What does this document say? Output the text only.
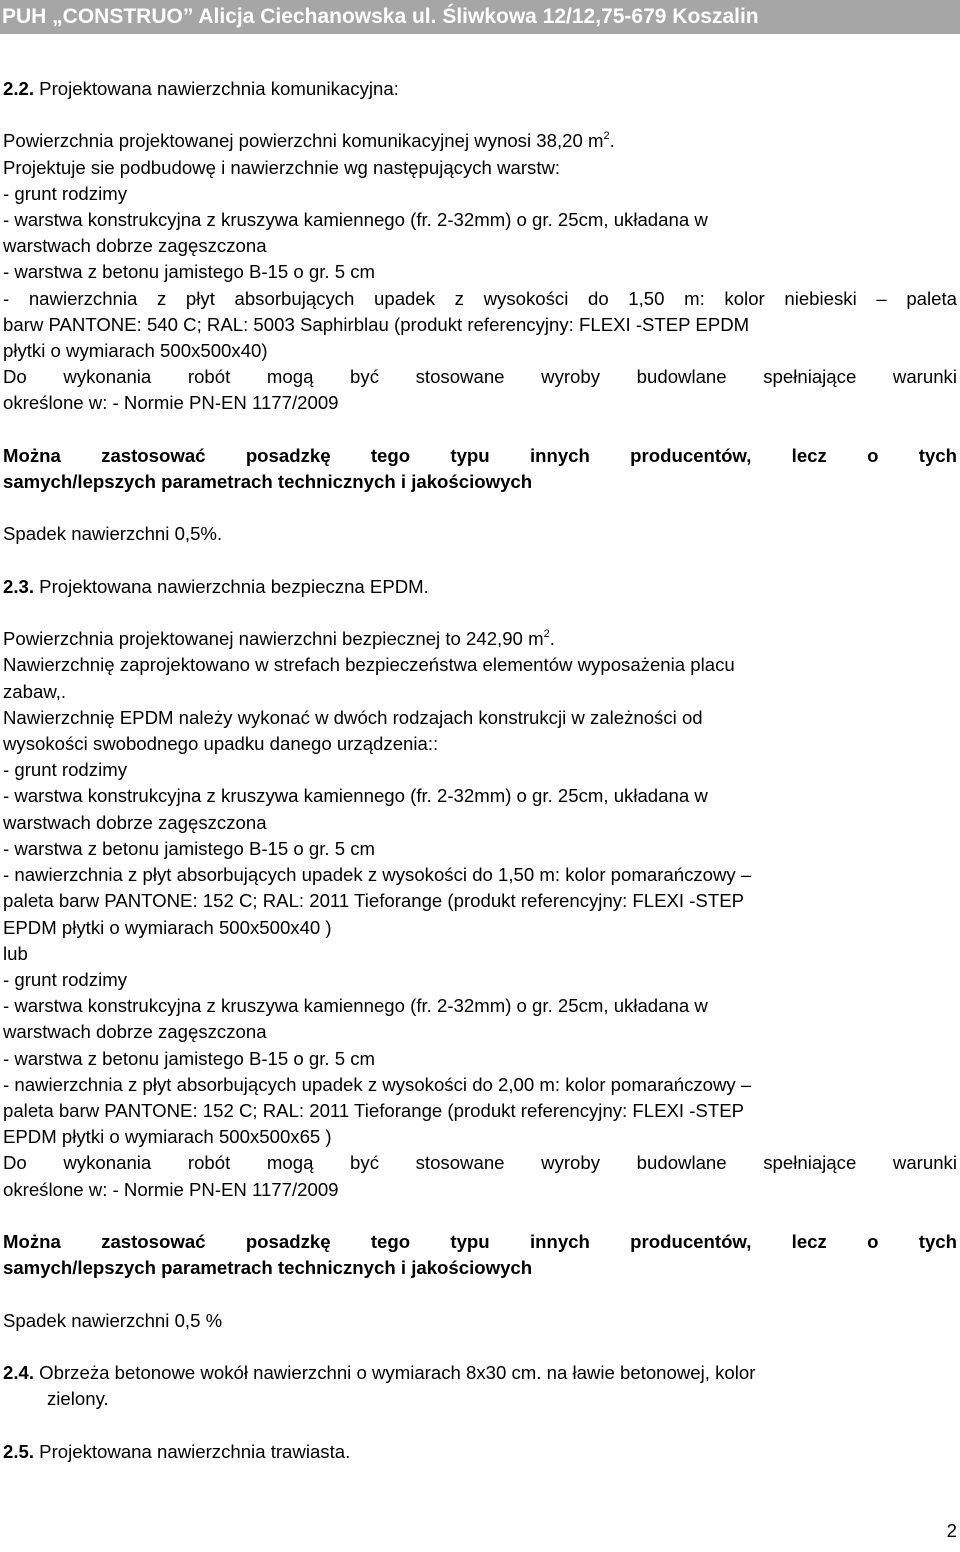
PUH „CONSTRUO” Alicja Ciechanowska ul. Śliwkowa 12/12,75-679 Koszalin
2.2. Projektowana nawierzchnia komunikacyjna:

Powierzchnia projektowanej powierzchni komunikacyjnej wynosi 38,20 $m^2$.
Projektuje sie podbudowę i nawierzchnie wg następujących warstw:
- grunt rodzimy
- warstwa konstrukcyjna z kruszywa kamiennego (fr. 2-32mm) o gr. 25cm, układana w
warstwach dobrze zagęszczona
- warstwa z betonu jamistego B-15 o gr. 5 cm
- nawierzchnia z płyt absorbujących upadek z wysokości do 1,50 m: kolor niebieski – paleta
barw PANTONE: 540 C; RAL: 5003 Saphirblau (produkt referencyjny: FLEXI -STEP EPDM
płytki o wymiarach 500x500x40)
Do wykonania robót mogą być stosowane wyroby budowlane spełniające warunki
określone w: - Normie PN-EN 1177/2009

Można zastosować posadzkę tego typu innych producentów, lecz o tych
samych/lepszych parametrach technicznych i jakościowych

Spadek nawierzchni 0,5%.

2.3. Projektowana nawierzchnia bezpieczna EPDM.

Powierzchnia projektowanej nawierzchni bezpiecznej to 242,90 $m^2$.
Nawierzchnię zaprojektowano w strefach bezpieczeństwa elementów wyposażenia placu
zabaw,.
Nawierzchnię EPDM należy wykonać w dwóch rodzajach konstrukcji w zależności od
wysokości swobodnego upadku danego urządzenia::
- grunt rodzimy
- warstwa konstrukcyjna z kruszywa kamiennego (fr. 2-32mm) o gr. 25cm, układana w
warstwach dobrze zagęszczona
- warstwa z betonu jamistego B-15 o gr. 5 cm
- nawierzchnia z płyt absorbujących upadek z wysokości do 1,50 m: kolor pomarańczowy –
paleta barw PANTONE: 152 C; RAL: 2011 Tieforange (produkt referencyjny: FLEXI -STEP
EPDM płytki o wymiarach 500x500x40 )
lub
- grunt rodzimy
- warstwa konstrukcyjna z kruszywa kamiennego (fr. 2-32mm) o gr. 25cm, układana w
warstwach dobrze zagęszczona
- warstwa z betonu jamistego B-15 o gr. 5 cm
- nawierzchnia z płyt absorbujących upadek z wysokości do 2,00 m: kolor pomarańczowy –
paleta barw PANTONE: 152 C; RAL: 2011 Tieforange (produkt referencyjny: FLEXI -STEP
EPDM płytki o wymiarach 500x500x65 )
Do wykonania robót mogą być stosowane wyroby budowlane spełniające warunki
określone w: - Normie PN-EN 1177/2009

Można zastosować posadzkę tego typu innych producentów, lecz o tych
samych/lepszych parametrach technicznych i jakościowych

Spadek nawierzchni 0,5 %

2.4. Obrzeża betonowe wokół nawierzchni o wymiarach 8x30 cm. na ławie betonowej, kolor
zielony.

2.5. Projektowana nawierzchnia trawiasta.
2
